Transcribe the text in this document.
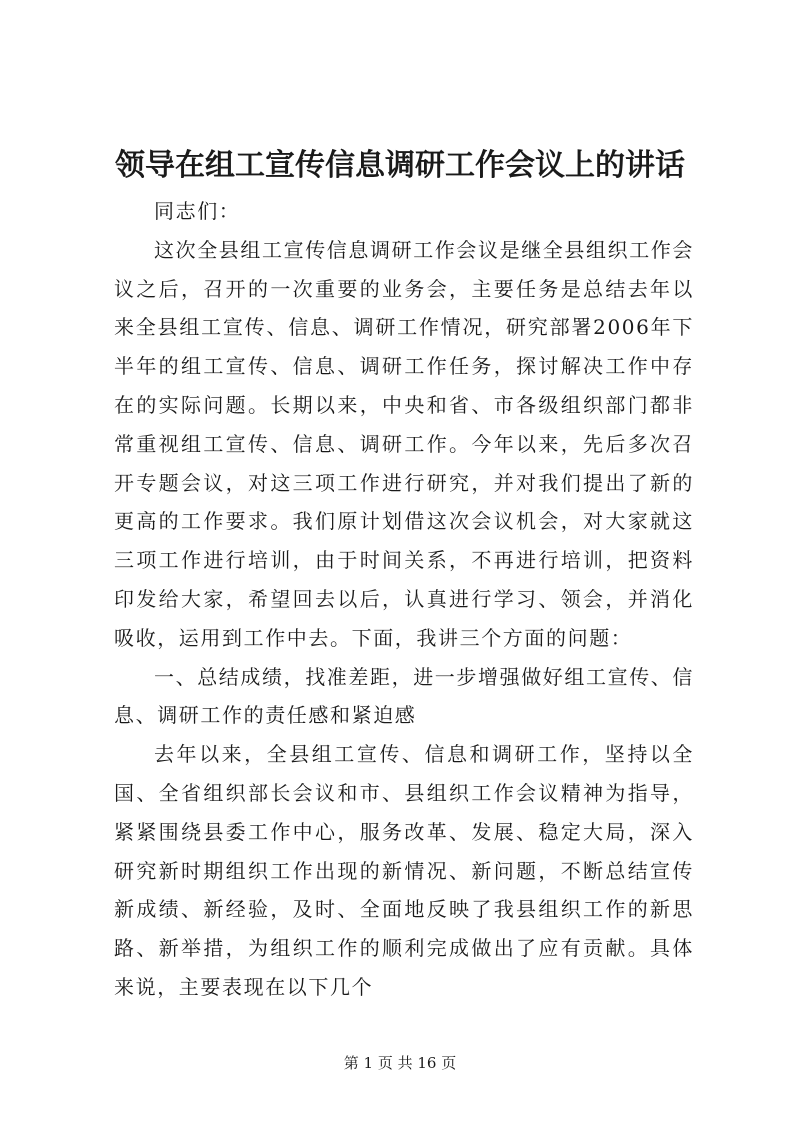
领导在组工宣传信息调研工作会议上的讲话

同志们：

这次全县组工宣传信息调研工作会议是继全县组织工作会议之后，召开的一次重要的业务会，主要任务是总结去年以来全县组工宣传、信息、调研工作情况，研究部署2006年下半年的组工宣传、信息、调研工作任务，探讨解决工作中存在的实际问题。长期以来，中央和省、市各级组织部门都非常重视组工宣传、信息、调研工作。今年以来，先后多次召开专题会议，对这三项工作进行研究，并对我们提出了新的更高的工作要求。我们原计划借这次会议机会，对大家就这三项工作进行培训，由于时间关系，不再进行培训，把资料印发给大家，希望回去以后，认真进行学习、领会，并消化吸收，运用到工作中去。下面，我讲三个方面的问题：

一、总结成绩，找准差距，进一步增强做好组工宣传、信息、调研工作的责任感和紧迫感

去年以来，全县组工宣传、信息和调研工作，坚持以全国、全省组织部长会议和市、县组织工作会议精神为指导，紧紧围绕县委工作中心，服务改革、发展、稳定大局，深入研究新时期组织工作出现的新情况、新问题，不断总结宣传新成绩、新经验，及时、全面地反映了我县组织工作的新思路、新举措，为组织工作的顺利完成做出了应有贡献。具体来说，主要表现在以下几个

第 1 页 共 16 页
